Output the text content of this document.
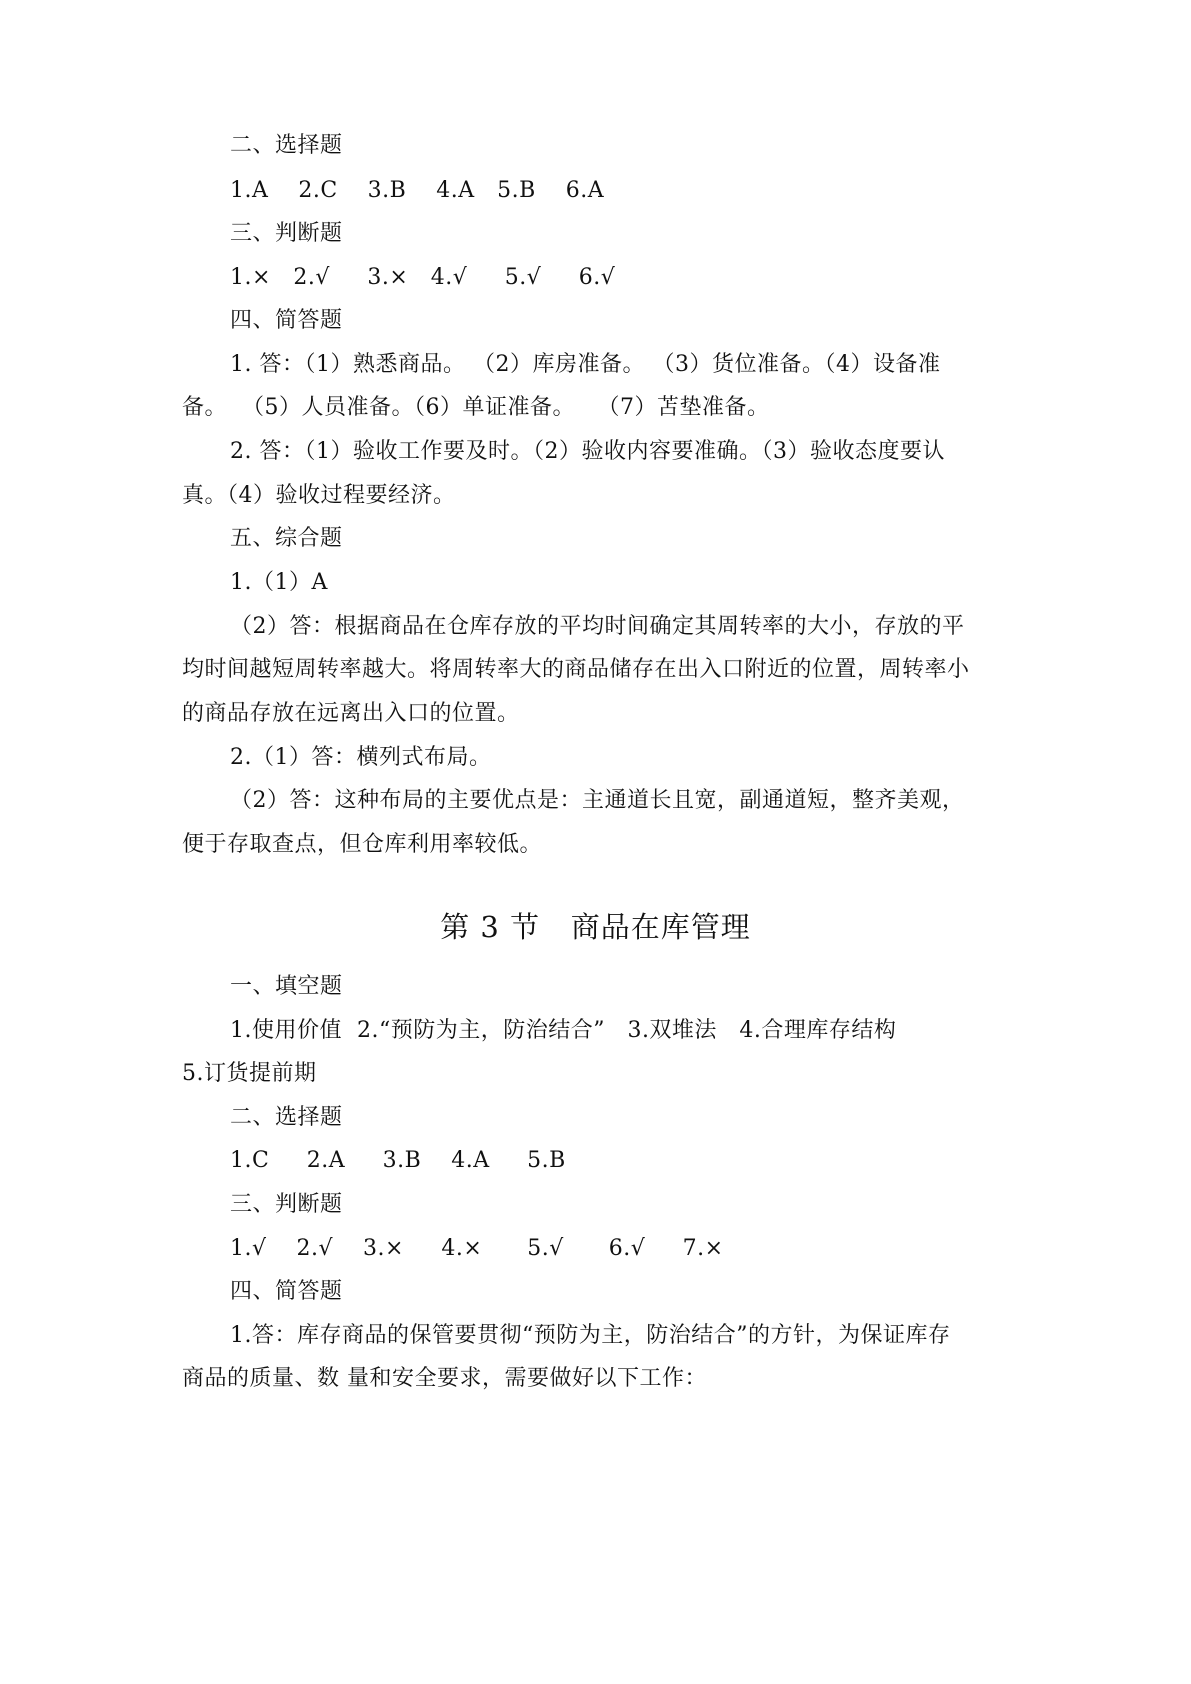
二、选择题
1.A    2.C    3.B    4.A   5.B    6.A
三、判断题
1.×   2.√     3.×   4.√     5.√     6.√
四、简答题
1. 答：（1）熟悉商品。 （2）库房准备。 （3）货位准备。（4）设备准
备。  （5）人员准备。（6）单证准备。   （7）苫垫准备。
2. 答：（1）验收工作要及时。（2）验收内容要准确。（3）验收态度要认
真。（4）验收过程要经济。
五、综合题
1.（1）A
（2）答：根据商品在仓库存放的平均时间确定其周转率的大小，存放的平
均时间越短周转率越大。将周转率大的商品储存在出入口附近的位置，周转率小
的商品存放在远离出入口的位置。
2.（1）答：横列式布局。
（2）答：这种布局的主要优点是：主通道长且宽，副通道短，整齐美观，
便于存取查点，但仓库利用率较低。
第 3 节   商品在库管理
一、填空题
1.使用价值  2.“预防为主，防治结合”   3.双堆法   4.合理库存结构
5.订货提前期
二、选择题
1.C     2.A     3.B    4.A     5.B
三、判断题
1.√    2.√    3.×     4.×      5.√      6.√     7.×
四、简答题
1.答：库存商品的保管要贯彻“预防为主，防治结合”的方针，为保证库存
商品的质量、数 量和安全要求，需要做好以下工作：
